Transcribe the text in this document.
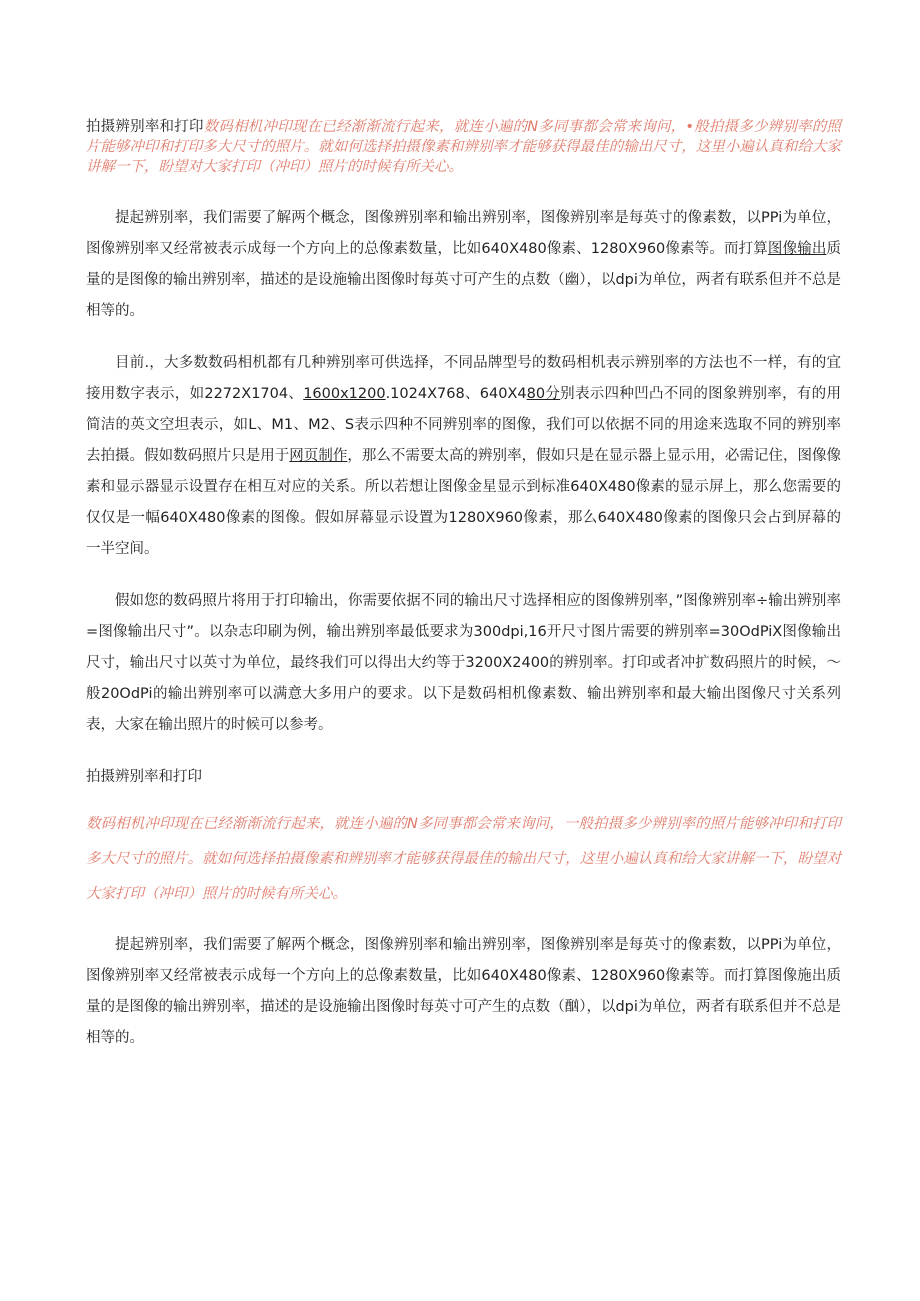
拍摄辨别率和打印数码相机冲印现在已经渐渐流行起来，就连小遍的N多同事都会常来询问，•般拍摄多少辨别率的照片能够冲印和打印多大尺寸的照片。就如何选择拍摄像素和辨别率才能够获得最佳的输出尺寸，这里小遍认真和给大家讲解一下，盼望对大家打印（冲印）照片的时候有所关心。

提起辨别率，我们需要了解两个概念，图像辨别率和输出辨别率，图像辨别率是每英寸的像素数，以PPi为单位，图像辨别率又经常被表示成每一个方向上的总像素数量，比如640X480像素、1280X960像素等。而打算图像输出质量的是图像的输出辨别率，描述的是设施输出图像时每英寸可产生的点数（幽），以dpi为单位，两者有联系但并不总是相等的。

目前.，大多数数码相机都有几种辨别率可供选择，不同品牌型号的数码相机表示辨别率的方法也不一样，有的宜接用数字表示，如2272X1704、1600x1200.1024X768、640X480分别表示四种凹凸不同的图象辨别率，有的用简洁的英文空坦表示，如L、M1、M2、S表示四种不同辨别率的图像，我们可以依据不同的用途来选取不同的辨别率去拍摄。假如数码照片只是用于网页制作，那么不需要太高的辨别率，假如只是在显示器上显示用，必需记住，图像像素和显示器显示设置存在相互对应的关系。所以若想让图像金星显示到标准640X480像素的显示屏上，那么您需要的仅仅是一幅640X480像素的图像。假如屏幕显示设置为1280X960像素，那么640X480像素的图像只会占到屏幕的一半空间。

假如您的数码照片将用于打印输出，你需要依据不同的输出尺寸选择相应的图像辨别率，”图像辨别率÷输出辨别率=图像输出尺寸”。以杂志印刷为例，输出辨别率最低要求为300dpi,16开尺寸图片需要的辨别率=30OdPiX图像输出尺寸，输出尺寸以英寸为单位，最终我们可以得出大约等于3200X2400的辨别率。打印或者冲扩数码照片的时候，〜般20OdPi的输出辨别率可以满意大多用户的要求。以下是数码相机像素数、输出辨别率和最大输出图像尺寸关系列表，大家在输出照片的时候可以参考。

拍摄辨别率和打印

数码相机冲印现在已经渐渐流行起来，就连小遍的N多同事都会常来询问，一般拍摄多少辨别率的照片能够冲印和打印多大尺寸的照片。就如何选择拍摄像素和辨别率才能够获得最佳的输出尺寸，这里小遍认真和给大家讲解一下，盼望对大家打印（冲印）照片的时候有所关心。

提起辨别率，我们需要了解两个概念，图像辨别率和输出辨别率，图像辨别率是每英寸的像素数，以PPi为单位，图像辨别率又经常被表示成每一个方向上的总像素数量，比如640X480像素、1280X960像素等。而打算图像施出质量的是图像的输出辨别率，描述的是设施输出图像时每英寸可产生的点数（酗），以dpi为单位，两者有联系但并不总是相等的。
